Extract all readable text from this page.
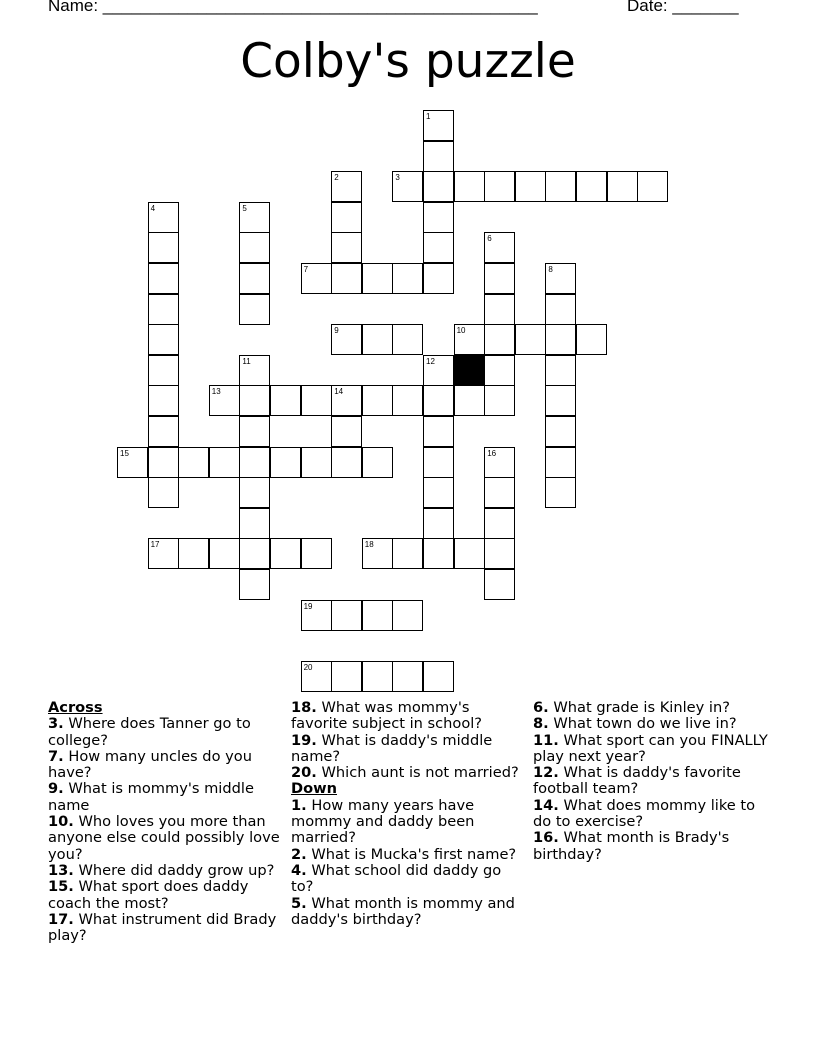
Name: ______________________________________________	Date: _______
Colby's puzzle
1
2	3
4	5
6
7	8
9	10
11	12
13	14
15	16
17	18
19
20
Across
3. Where does Tanner go to college?
7. How many uncles do you have?
9. What is mommy's middle name
10. Who loves you more than anyone else could possibly love you?
13. Where did daddy grow up?
15. What sport does daddy coach the most?
17. What instrument did Brady play?
18. What was mommy's favorite subject in school?
19. What is daddy's middle name?
20. Which aunt is not married?
Down
1. How many years have mommy and daddy been married?
2. What is Mucka's first name?
4. What school did daddy go to?
5. What month is mommy and daddy's birthday?
6. What grade is Kinley in?
8. What town do we live in?
11. What sport can you FINALLY play next year?
12. What is daddy's favorite football team?
14. What does mommy like to do to exercise?
16. What month is Brady's birthday?
